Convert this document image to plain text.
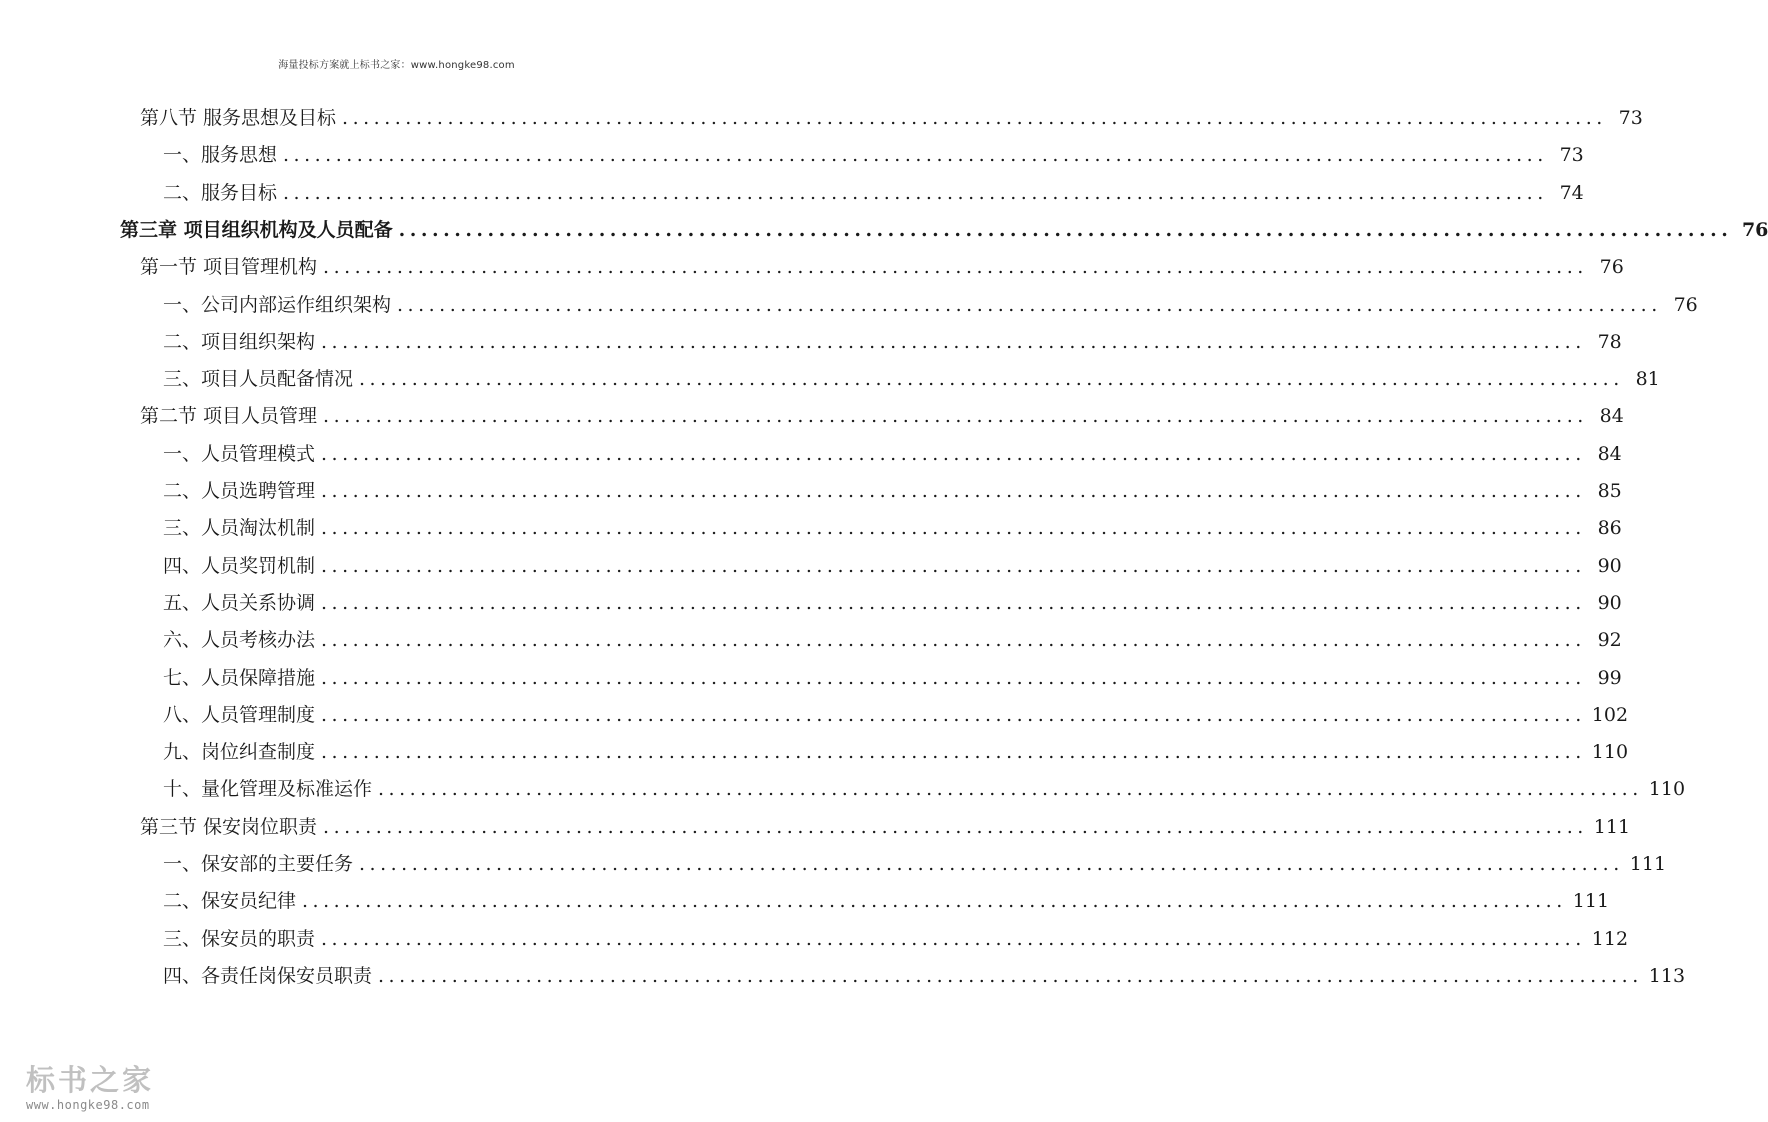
海量投标方案就上标书之家：www.hongke98.com
第八节 服务思想及目标 ........................................................................................................................ 73
一、服务思想 ........................................................................................................................ 73
二、服务目标 ........................................................................................................................ 74
第三章 项目组织机构及人员配备 ........................................................................................................................ 76
第一节 项目管理机构 ........................................................................................................................ 76
一、公司内部运作组织架构 ........................................................................................................................ 76
二、项目组织架构 ........................................................................................................................ 78
三、项目人员配备情况 ........................................................................................................................ 81
第二节 项目人员管理 ........................................................................................................................ 84
一、人员管理模式 ........................................................................................................................ 84
二、人员选聘管理 ........................................................................................................................ 85
三、人员淘汰机制 ........................................................................................................................ 86
四、人员奖罚机制 ........................................................................................................................ 90
五、人员关系协调 ........................................................................................................................ 90
六、人员考核办法 ........................................................................................................................ 92
七、人员保障措施 ........................................................................................................................ 99
八、人员管理制度 ........................................................................................................................ 102
九、岗位纠查制度 ........................................................................................................................ 110
十、量化管理及标准运作 ........................................................................................................................ 110
第三节 保安岗位职责 ........................................................................................................................ 111
一、保安部的主要任务 ........................................................................................................................ 111
二、保安员纪律 ........................................................................................................................ 111
三、保安员的职责 ........................................................................................................................ 112
四、各责任岗保安员职责 ........................................................................................................................ 113
标书之家
www.hongke98.com
